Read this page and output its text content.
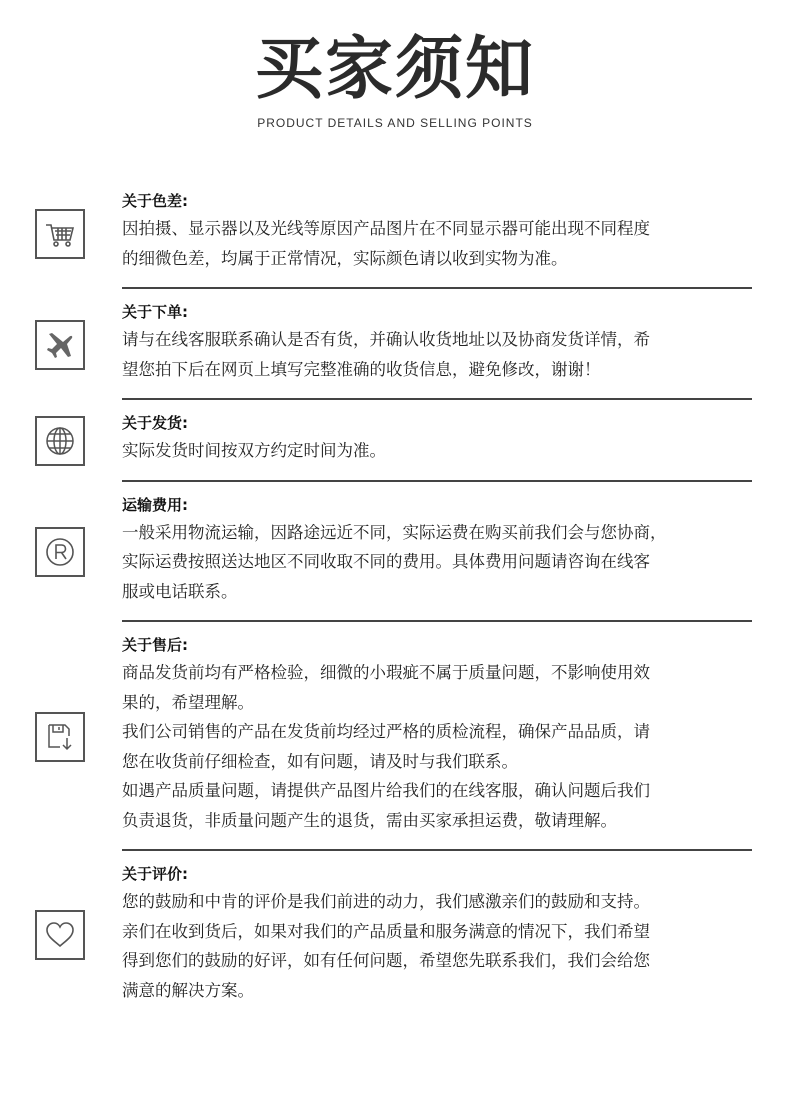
买家须知
PRODUCT DETAILS AND SELLING POINTS
关于色差:
因拍摄、显示器以及光线等原因产品图片在不同显示器可能出现不同程度
的细微色差，均属于正常情况，实际颜色请以收到实物为准。
关于下单:
请与在线客服联系确认是否有货，并确认收货地址以及协商发货详情，希
望您拍下后在网页上填写完整准确的收货信息，避免修改，谢谢！
关于发货:
实际发货时间按双方约定时间为准。
运输费用:
一般采用物流运输，因路途远近不同，实际运费在购买前我们会与您协商，
实际运费按照送达地区不同收取不同的费用。具体费用问题请咨询在线客
服或电话联系。
关于售后:
商品发货前均有严格检验，细微的小瑕疵不属于质量问题，不影响使用效
果的，希望理解。
我们公司销售的产品在发货前均经过严格的质检流程，确保产品品质，请
您在收货前仔细检查，如有问题，请及时与我们联系。
如遇产品质量问题，请提供产品图片给我们的在线客服，确认问题后我们
负责退货，非质量问题产生的退货，需由买家承担运费，敬请理解。
关于评价:
您的鼓励和中肯的评价是我们前进的动力，我们感激亲们的鼓励和支持。
亲们在收到货后，如果对我们的产品质量和服务满意的情况下，我们希望
得到您们的鼓励的好评，如有任何问题，希望您先联系我们，我们会给您
满意的解决方案。
